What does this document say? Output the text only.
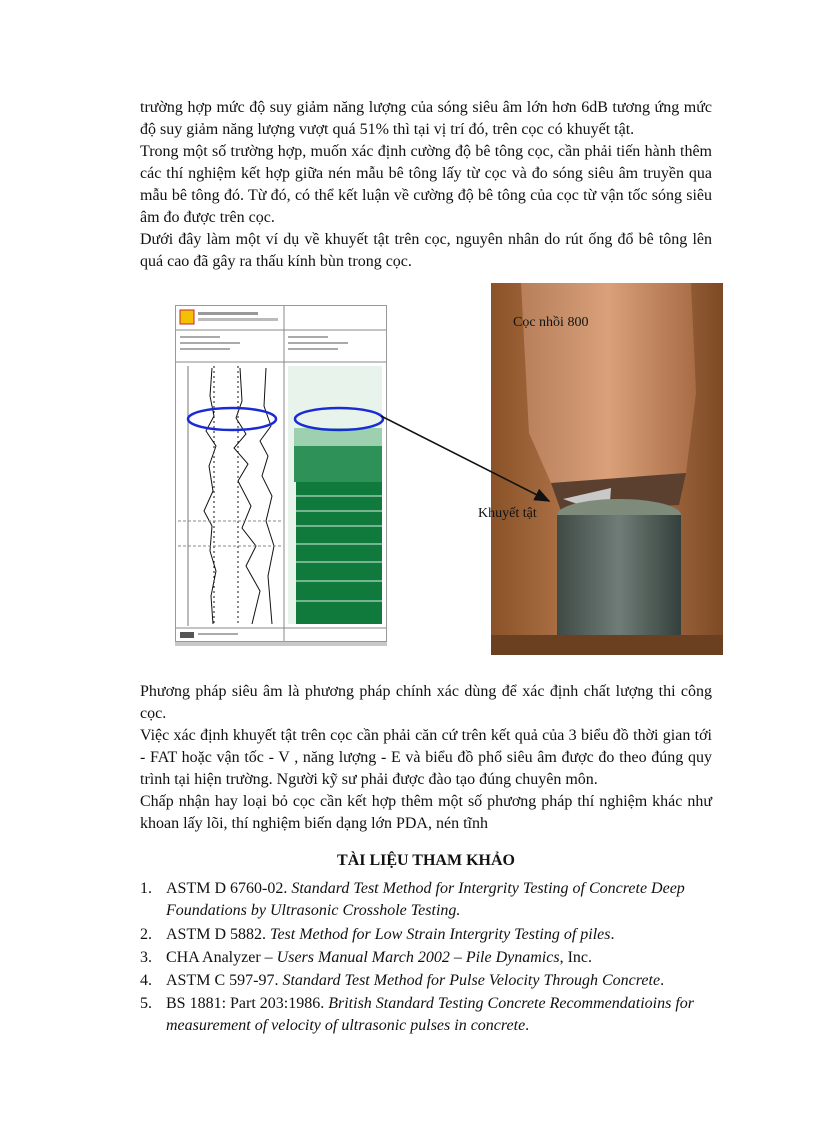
trường hợp mức độ suy giảm năng lượng của sóng siêu âm lớn hơn 6dB tương ứng mức độ suy giảm năng lượng vượt quá 51% thì tại vị trí đó, trên cọc có khuyết tật.

Trong một số trường hợp, muốn xác định cường độ bê tông cọc, cần phải tiến hành thêm các thí nghiệm kết hợp giữa nén mẫu bê tông lấy từ cọc và đo sóng siêu âm truyền qua mẫu bê tông đó. Từ đó, có thể kết luận về cường độ bê tông của cọc từ vận tốc sóng siêu âm đo được trên cọc.

Dưới đây làm một ví dụ về khuyết tật trên cọc, nguyên nhân do rút ống đổ bê tông lên quá cao đã gây ra thấu kính bùn trong cọc.

Cọc nhồi 800
Khuyết tật

Phương pháp siêu âm là phương pháp chính xác dùng để xác định chất lượng thi công cọc.

Việc xác định khuyết tật trên cọc cần phải căn cứ trên kết quả của 3 biểu đồ thời gian tới - FAT hoặc vận tốc - V , năng lượng - E và biểu đồ phổ siêu âm được đo theo đúng quy trình tại hiện trường. Người kỹ sư phải được đào tạo đúng chuyên môn.

Chấp nhận hay loại bỏ cọc cần kết hợp thêm một số phương pháp thí nghiệm khác như khoan lấy lõi, thí nghiệm biến dạng lớn PDA, nén tĩnh

TÀI LIỆU THAM KHẢO
1. ASTM D 6760-02. Standard Test Method for Intergrity Testing of Concrete Deep Foundations by Ultrasonic Crosshole Testing.
2. ASTM D 5882. Test Method for Low Strain Intergrity Testing of piles.
3. CHA Analyzer – Users Manual March 2002 – Pile Dynamics, Inc.
4. ASTM C 597-97. Standard Test Method for Pulse Velocity Through Concrete.
5. BS 1881: Part 203:1986. British Standard Testing Concrete Recommendatioins for measurement of velocity of ultrasonic pulses in concrete.
